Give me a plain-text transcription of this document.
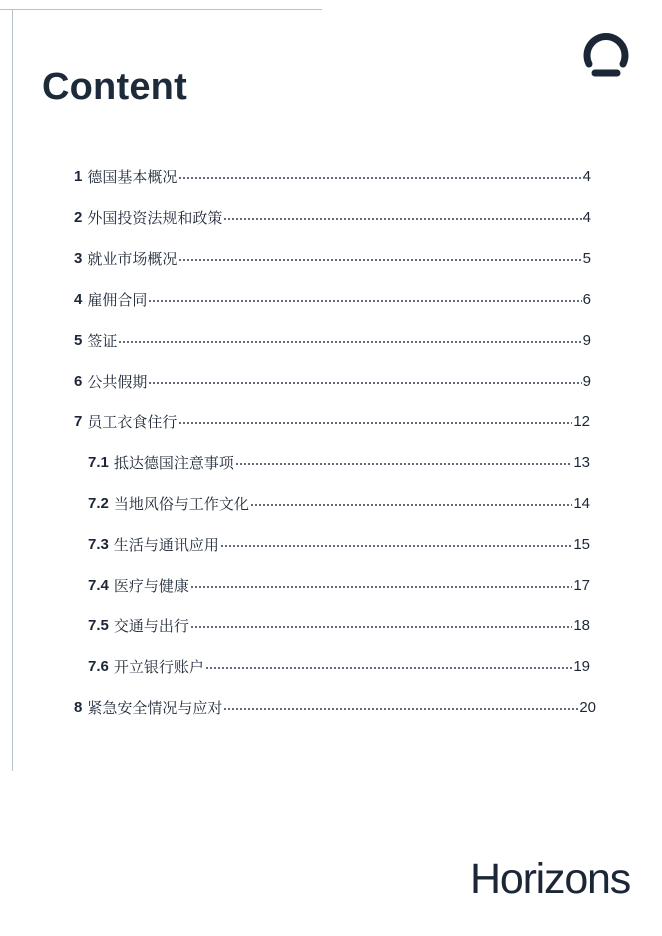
Content
1 德国基本概况	4
2 外国投资法规和政策	4
3 就业市场概况	5
4 雇佣合同	6
5 签证	9
6 公共假期	9
7 员工衣食住行	12
7.1 抵达德国注意事项	13
7.2 当地风俗与工作文化	14
7.3 生活与通讯应用	15
7.4 医疗与健康	17
7.5 交通与出行	18
7.6 开立银行账户	19
8 紧急安全情况与应对	20
Horizons
